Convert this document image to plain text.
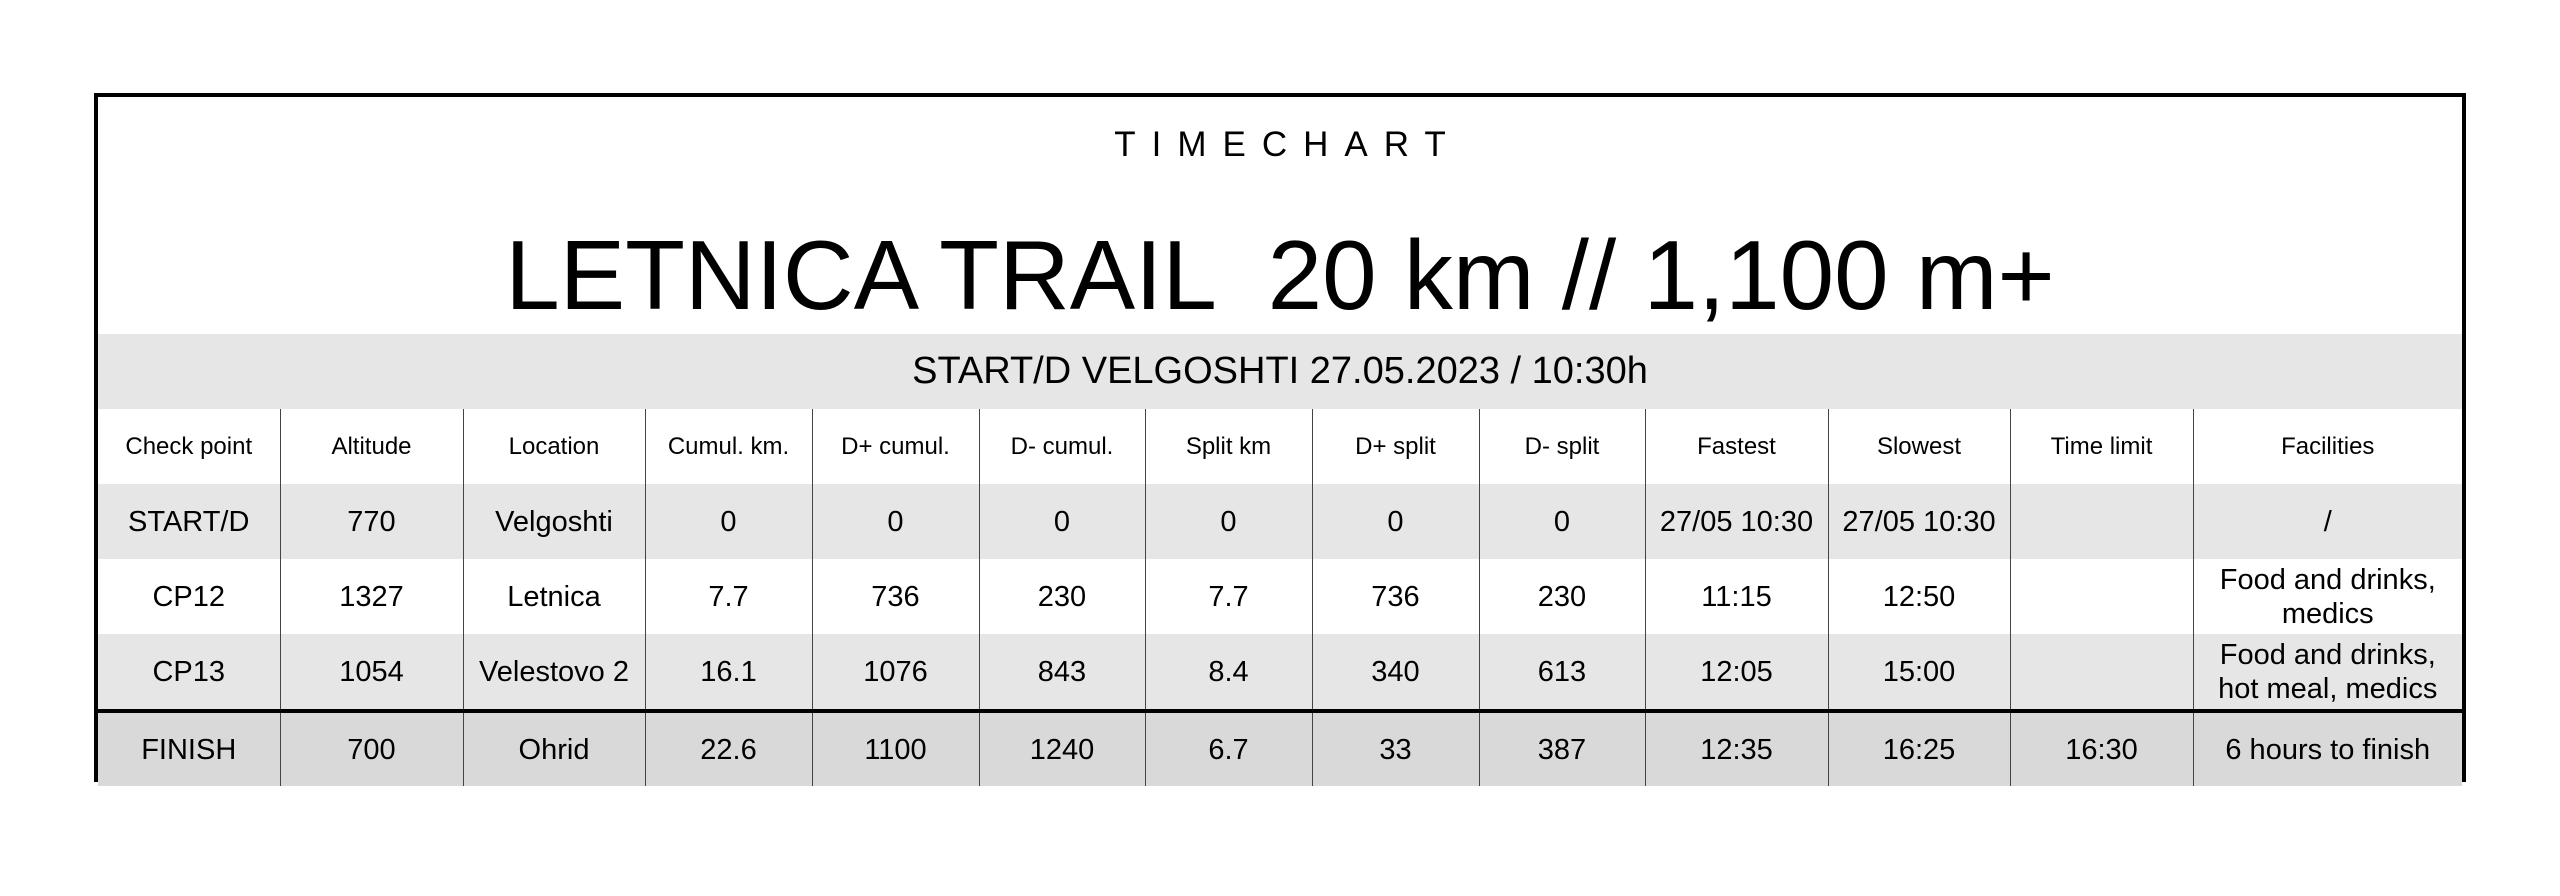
TIMECHART
LETNICA TRAIL  20 km // 1,100 m+
START/D VELGOSHTI 27.05.2023 / 10:30h
Check point	Altitude	Location	Cumul. km.	D+ cumul.	D- cumul.	Split km	D+ split	D- split	Fastest	Slowest	Time limit	Facilities
START/D	770	Velgoshti	0	0	0	0	0	0	27/05 10:30	27/05 10:30		/
CP12	1327	Letnica	7.7	736	230	7.7	736	230	11:15	12:50		Food and drinks, medics
CP13	1054	Velestovo 2	16.1	1076	843	8.4	340	613	12:05	15:00		Food and drinks, hot meal, medics
FINISH	700	Ohrid	22.6	1100	1240	6.7	33	387	12:35	16:25	16:30	6 hours to finish
